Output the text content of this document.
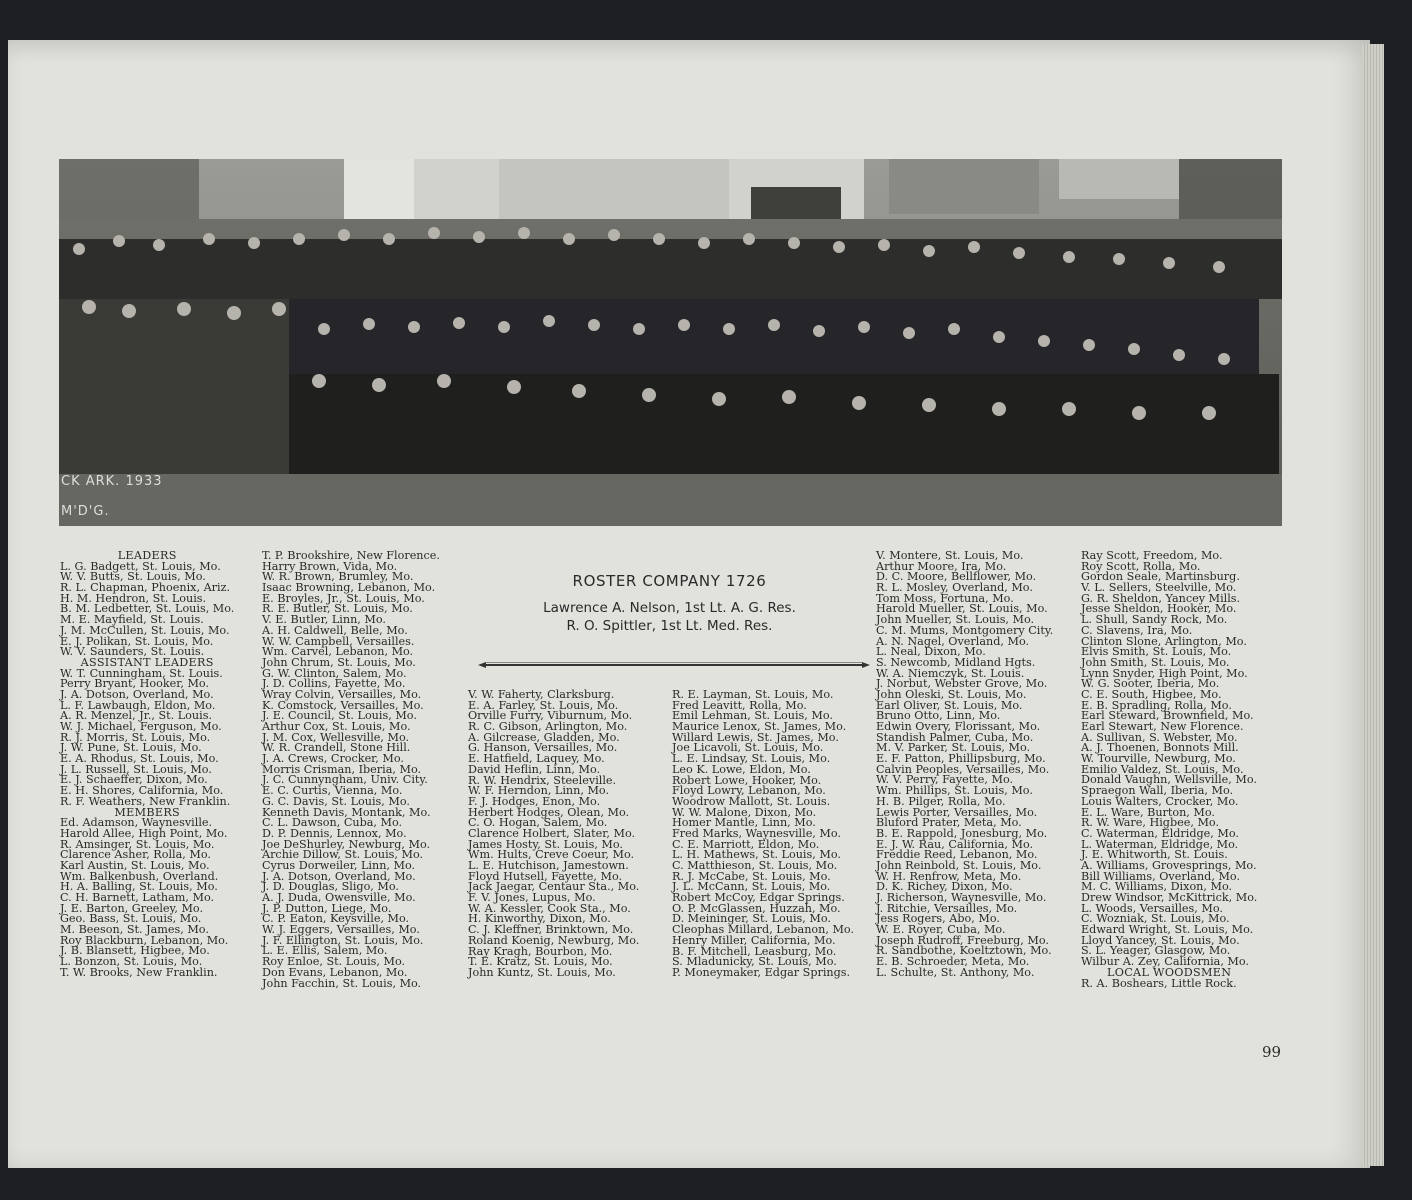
CK ARK. 1933
M'D'G.
LEADERS
L. G. Badgett, St. Louis, Mo.
W. V. Butts, St. Louis, Mo.
R. L. Chapman, Phoenix, Ariz.
H. M. Hendron, St. Louis.
B. M. Ledbetter, St. Louis, Mo.
M. E. Mayfield, St. Louis.
J. M. McCullen, St. Louis, Mo.
E. J. Polikan, St. Louis, Mo.
W. V. Saunders, St. Louis.
ASSISTANT LEADERS
W. T. Cunningham, St. Louis.
Perry Bryant, Hooker, Mo.
J. A. Dotson, Overland, Mo.
L. F. Lawbaugh, Eldon, Mo.
A. R. Menzel, Jr., St. Louis.
W. J. Michael, Ferguson, Mo.
R. J. Morris, St. Louis, Mo.
J. W. Pune, St. Louis, Mo.
E. A. Rhodus, St. Louis, Mo.
J. L. Russell, St. Louis, Mo.
E. J. Schaeffer, Dixon, Mo.
E. H. Shores, California, Mo.
R. F. Weathers, New Franklin.
MEMBERS
Ed. Adamson, Waynesville.
Harold Allee, High Point, Mo.
R. Amsinger, St. Louis, Mo.
Clarence Asher, Rolla, Mo.
Karl Austin, St. Louis, Mo.
Wm. Balkenbush, Overland.
H. A. Balling, St. Louis, Mo.
C. H. Barnett, Latham, Mo.
J. E. Barton, Greeley, Mo.
Geo. Bass, St. Louis, Mo.
M. Beeson, St. James, Mo.
Roy Blackburn, Lebanon, Mo.
J. B. Blansett, Higbee, Mo.
L. Bonzon, St. Louis, Mo.
T. W. Brooks, New Franklin.
T. P. Brookshire, New Florence.
Harry Brown, Vida, Mo.
W. R. Brown, Brumley, Mo.
Isaac Browning, Lebanon, Mo.
E. Broyles, Jr., St. Louis, Mo.
R. E. Butler, St. Louis, Mo.
V. E. Butler, Linn, Mo.
A. H. Caldwell, Belle, Mo.
W. W. Campbell, Versailles.
Wm. Carvel, Lebanon, Mo.
John Chrum, St. Louis, Mo.
G. W. Clinton, Salem, Mo.
J. D. Collins, Fayette, Mo.
Wray Colvin, Versailles, Mo.
K. Comstock, Versailles, Mo.
J. E. Council, St. Louis, Mo.
Arthur Cox, St. Louis, Mo.
J. M. Cox, Wellesville, Mo.
W. R. Crandell, Stone Hill.
J. A. Crews, Crocker, Mo.
Morris Crisman, Iberia, Mo.
J. C. Cunnyngham, Univ. City.
E. C. Curtis, Vienna, Mo.
G. C. Davis, St. Louis, Mo.
Kenneth Davis, Montank, Mo.
C. L. Dawson, Cuba, Mo.
D. P. Dennis, Lennox, Mo.
Joe DeShurley, Newburg, Mo.
Archie Dillow, St. Louis, Mo.
Cyrus Dorweiler, Linn, Mo.
J. A. Dotson, Overland, Mo.
J. D. Douglas, Sligo, Mo.
A. J. Duda, Owensville, Mo.
J. P. Dutton, Liege, Mo.
C. P. Eaton, Keysville, Mo.
W. J. Eggers, Versailles, Mo.
J. F. Ellington, St. Louis, Mo.
L. E. Ellis, Salem, Mo.
Roy Enloe, St. Louis, Mo.
Don Evans, Lebanon, Mo.
John Facchin, St. Louis, Mo.
V. W. Faherty, Clarksburg.
E. A. Farley, St. Louis, Mo.
Orville Furry, Viburnum, Mo.
R. C. Gibson, Arlington, Mo.
A. Gilcrease, Gladden, Mo.
G. Hanson, Versailles, Mo.
E. Hatfield, Laquey, Mo.
David Heflin, Linn, Mo.
R. W. Hendrix, Steeleville.
W. F. Herndon, Linn, Mo.
F. J. Hodges, Enon, Mo.
Herbert Hodges, Olean, Mo.
C. O. Hogan, Salem, Mo.
Clarence Holbert, Slater, Mo.
James Hosty, St. Louis, Mo.
Wm. Hults, Creve Coeur, Mo.
L. E. Hutchison, Jamestown.
Floyd Hutsell, Fayette, Mo.
Jack Jaegar, Centaur Sta., Mo.
F. V. Jones, Lupus, Mo.
W. A. Kessler, Cook Sta., Mo.
H. Kinworthy, Dixon, Mo.
C. J. Kleffner, Brinktown, Mo.
Roland Koenig, Newburg, Mo.
Ray Kragh, Bourbon, Mo.
T. E. Kratz, St. Louis, Mo.
John Kuntz, St. Louis, Mo.
R. E. Layman, St. Louis, Mo.
Fred Leavitt, Rolla, Mo.
Emil Lehman, St. Louis, Mo.
Maurice Lenox, St. James, Mo.
Willard Lewis, St. James, Mo.
Joe Licavoli, St. Louis, Mo.
L. E. Lindsay, St. Louis, Mo.
Leo K. Lowe, Eldon, Mo.
Robert Lowe, Hooker, Mo.
Floyd Lowry, Lebanon, Mo.
Woodrow Mallott, St. Louis.
W. W. Malone, Dixon, Mo.
Homer Mantle, Linn, Mo.
Fred Marks, Waynesville, Mo.
C. E. Marriott, Eldon, Mo.
L. H. Mathews, St. Louis, Mo.
C. Matthieson, St. Louis, Mo.
R. J. McCabe, St. Louis, Mo.
J. L. McCann, St. Louis, Mo.
Robert McCoy, Edgar Springs.
O. P. McGlassen, Huzzah, Mo.
D. Meininger, St. Louis, Mo.
Cleophas Millard, Lebanon, Mo.
Henry Miller, California, Mo.
B. F. Mitchell, Leasburg, Mo.
S. Mladunicky, St. Louis, Mo.
P. Moneymaker, Edgar Springs.
V. Montere, St. Louis, Mo.
Arthur Moore, Ira, Mo.
D. C. Moore, Bellflower, Mo.
R. L. Mosley, Overland, Mo.
Tom Moss, Fortuna, Mo.
Harold Mueller, St. Louis, Mo.
John Mueller, St. Louis, Mo.
C. M. Mums, Montgomery City.
A. N. Nagel, Overland, Mo.
L. Neal, Dixon, Mo.
S. Newcomb, Midland Hgts.
W. A. Niemczyk, St. Louis.
J. Norbut, Webster Grove, Mo.
John Oleski, St. Louis, Mo.
Earl Oliver, St. Louis, Mo.
Bruno Otto, Linn, Mo.
Edwin Overy, Florissant, Mo.
Standish Palmer, Cuba, Mo.
M. V. Parker, St. Louis, Mo.
E. F. Patton, Phillipsburg, Mo.
Calvin Peoples, Versailles, Mo.
W. V. Perry, Fayette, Mo.
Wm. Phillips, St. Louis, Mo.
H. B. Pilger, Rolla, Mo.
Lewis Porter, Versailles, Mo.
Bluford Prater, Meta, Mo.
B. E. Rappold, Jonesburg, Mo.
E. J. W. Rau, California, Mo.
Freddie Reed, Lebanon, Mo.
John Reinbold, St. Louis, Mo.
W. H. Renfrow, Meta, Mo.
D. K. Richey, Dixon, Mo.
J. Richerson, Waynesville, Mo.
J. Ritchie, Versailles, Mo.
Jess Rogers, Abo, Mo.
W. E. Royer, Cuba, Mo.
Joseph Rudroff, Freeburg, Mo.
R. Sandbothe, Koeltztown, Mo.
E. B. Schroeder, Meta, Mo.
L. Schulte, St. Anthony, Mo.
Ray Scott, Freedom, Mo.
Roy Scott, Rolla, Mo.
Gordon Seale, Martinsburg.
V. L. Sellers, Steelville, Mo.
G. R. Sheldon, Yancey Mills.
Jesse Sheldon, Hooker, Mo.
L. Shull, Sandy Rock, Mo.
C. Slavens, Ira, Mo.
Clinton Slone, Arlington, Mo.
Elvis Smith, St. Louis, Mo.
John Smith, St. Louis, Mo.
Lynn Snyder, High Point, Mo.
W. G. Sooter, Iberia, Mo.
C. E. South, Higbee, Mo.
E. B. Spradling, Rolla, Mo.
Earl Steward, Brownfield, Mo.
Earl Stewart, New Florence.
A. Sullivan, S. Webster, Mo.
A. J. Thoenen, Bonnots Mill.
W. Tourville, Newburg, Mo.
Emilio Valdez, St. Louis, Mo.
Donald Vaughn, Wellsville, Mo.
Spraegon Wall, Iberia, Mo.
Louis Walters, Crocker, Mo.
E. L. Ware, Burton, Mo.
R. W. Ware, Higbee, Mo.
C. Waterman, Eldridge, Mo.
L. Waterman, Eldridge, Mo.
J. E. Whitworth, St. Louis.
A. Williams, Grovesprings, Mo.
Bill Williams, Overland, Mo.
M. C. Williams, Dixon, Mo.
Drew Windsor, McKittrick, Mo.
L. Woods, Versailles, Mo.
C. Wozniak, St. Louis, Mo.
Edward Wright, St. Louis, Mo.
Lloyd Yancey, St. Louis, Mo.
S. L. Yeager, Glasgow, Mo.
Wilbur A. Zey, California, Mo.
LOCAL WOODSMEN
R. A. Boshears, Little Rock.
ROSTER COMPANY 1726
Lawrence A. Nelson, 1st Lt. A. G. Res.
R. O. Spittler, 1st Lt. Med. Res.
99
